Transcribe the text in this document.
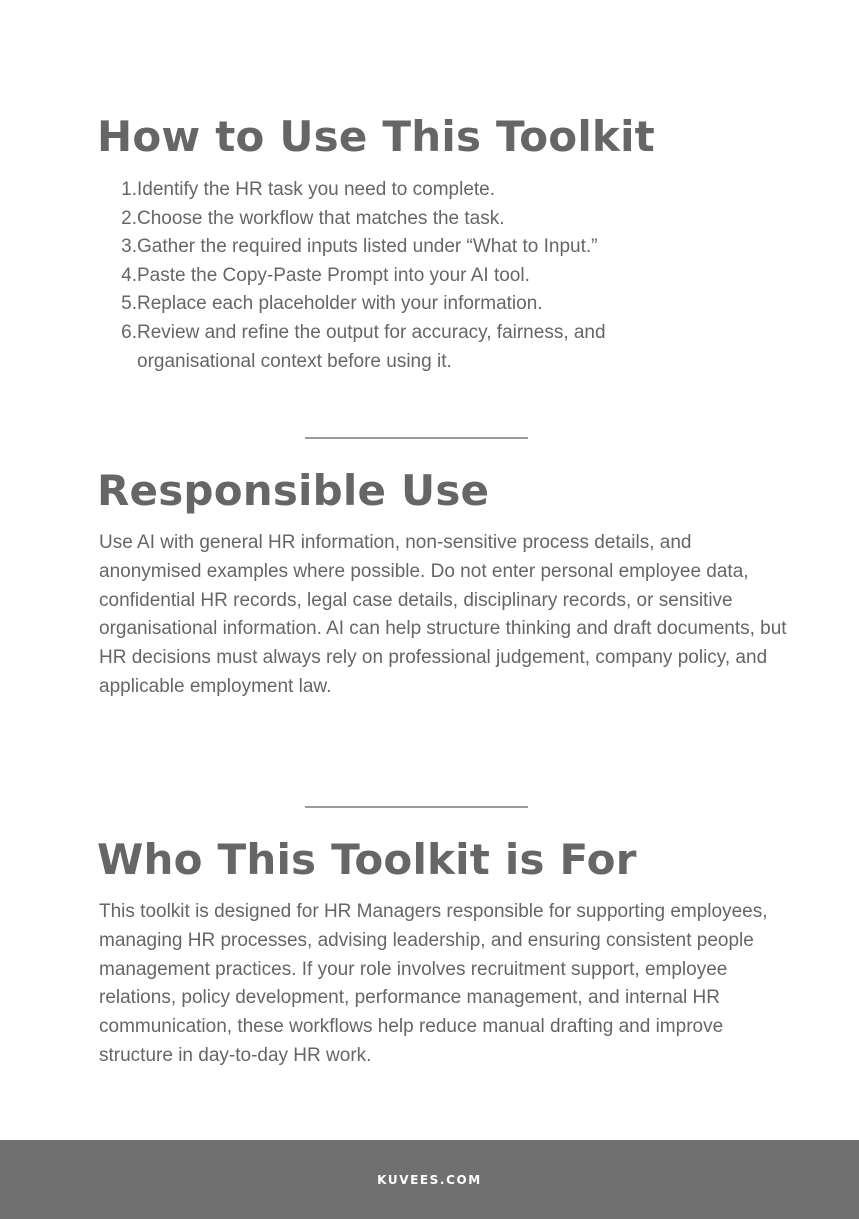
How to Use This Toolkit
1. Identify the HR task you need to complete.
2. Choose the workflow that matches the task.
3. Gather the required inputs listed under “What to Input.”
4. Paste the Copy-Paste Prompt into your AI tool.
5. Replace each placeholder with your information.
6. Review and refine the output for accuracy, fairness, and organisational context before using it.
Responsible Use

Use AI with general HR information, non-sensitive process details, and anonymised examples where possible. Do not enter personal employee data, confidential HR records, legal case details, disciplinary records, or sensitive organisational information. AI can help structure thinking and draft documents, but HR decisions must always rely on professional judgement, company policy, and applicable employment law.

Who This Toolkit is For

This toolkit is designed for HR Managers responsible for supporting employees, managing HR processes, advising leadership, and ensuring consistent people management practices. If your role involves recruitment support, employee relations, policy development, performance management, and internal HR communication, these workflows help reduce manual drafting and improve structure in day-to-day HR work.

KUVEES.COM
